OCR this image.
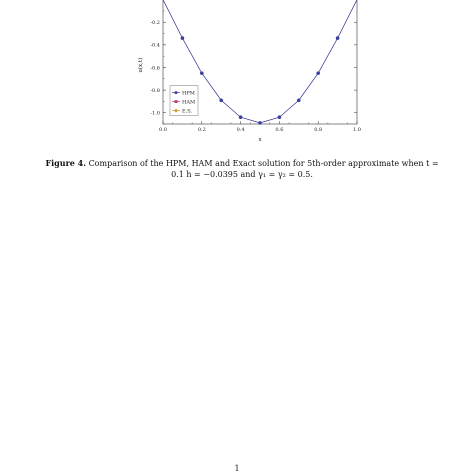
0.0	0.2	0.4	0.6	0.8	1.0
-0.2
-0.4
-0.6
-0.8
-1.0
x
u(x,t)
HPM
HAM
E.S.
Figure 4. Comparison of the HPM, HAM and Exact solution for 5th-order approximate when t = 0.1 h = −0.0395 and γ₁ = γ₂ = 0.5.
1
